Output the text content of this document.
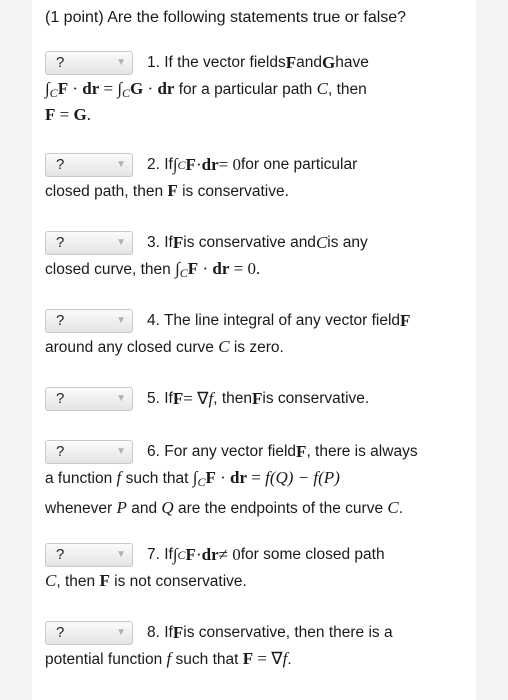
(1 point) Are the following statements true or false?
?	▼ 1. If the vector fields F and G have
$\int_CF$ · dr = $\int_CG$ · dr for a particular path C, then
F = G.
?	▼ 2. If ∫ C F · dr = 0 for one particular
closed path, then F is conservative.
?	▼ 3. If F is conservative and C is any
closed curve, then $\int_CF$ · dr = 0.
?	▼ 4. The line integral of any vector field F
around any closed curve C is zero.
?	▼ 5. If F = ∇ f , then F is conservative.
?	▼ 6. For any vector field F , there is always
a function f such that $\int_CF$ · dr = f(Q) − f(P)
whenever P and Q are the endpoints of the curve C.
?	▼ 7. If ∫ C F · dr ≠ 0 for some closed path
C, then F is not conservative.
?	▼ 8. If F is conservative, then there is a
potential function f such that F = ∇f.
